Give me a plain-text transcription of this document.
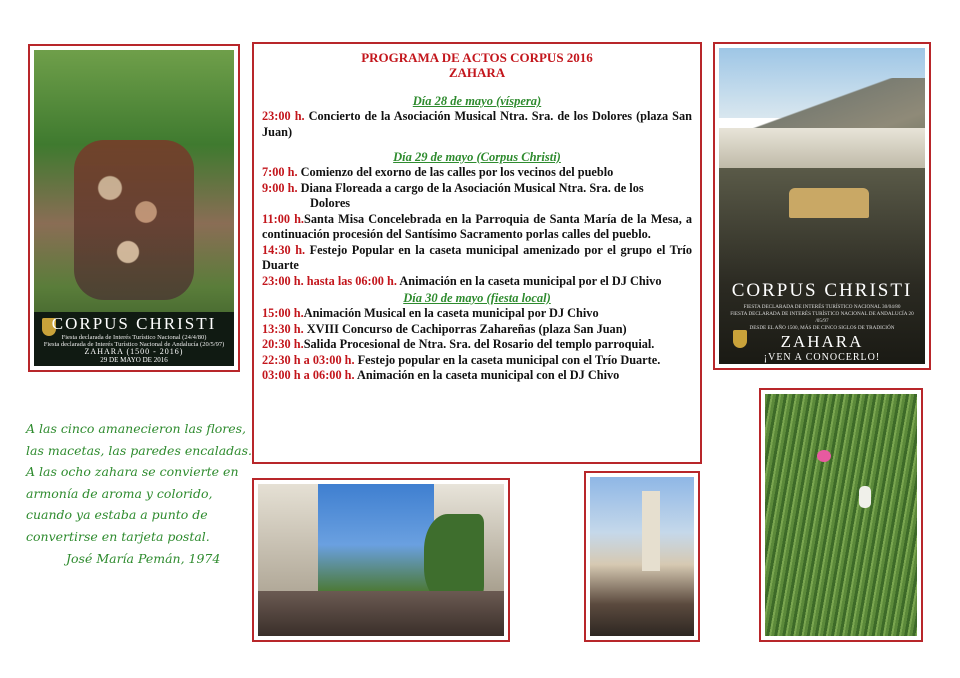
CORPUS CHRISTI
Fiesta declarada de Interés Turístico Nacional (24/4/80)
Fiesta declarada de Interés Turístico Nacional de Andalucía (20/5/97)
ZAHARA (1500 - 2016)
29 DE MAYO DE 2016
PROGRAMA DE ACTOS CORPUS 2016
ZAHARA
Día 28 de mayo (víspera)
23:00 h. Concierto de la Asociación Musical Ntra. Sra. de los Dolores (plaza San Juan)
Día 29 de mayo (Corpus Christi)
7:00 h. Comienzo del exorno de las calles por los vecinos del pueblo
9:00 h. Diana Floreada a cargo de la Asociación Musical Ntra. Sra. de los
Dolores
11:00 h.Santa Misa Concelebrada en la Parroquia de Santa María de la Mesa, a continuación procesión del Santísimo Sacramento porlas calles del pueblo.
14:30 h. Festejo Popular en la caseta municipal amenizado por el grupo el Trío Duarte
23:00 h. hasta las 06:00 h. Animación en la caseta municipal por el DJ Chivo
Día 30 de mayo (fiesta local)
15:00 h.Animación Musical en la caseta municipal por DJ Chivo
13:30 h. XVIII Concurso de Cachiporras Zahareñas (plaza San Juan)
20:30 h.Salida Procesional de Ntra. Sra. del Rosario del templo parroquial.
22:30 h a 03:00 h. Festejo popular en la caseta municipal con el Trío Duarte.
03:00 h a 06:00 h. Animación en la caseta municipal con el DJ Chivo
CORPUS CHRISTI
FIESTA DECLARADA DE INTERÉS TURÍSTICO NACIONAL 30/04/80
FIESTA DECLARADA DE INTERÉS TURÍSTICO NACIONAL DE ANDALUCÍA 20 /05/97
DESDE EL AÑO 1500, MÁS DE CINCO SIGLOS DE TRADICIÓN
ZAHARA
¡VEN A CONOCERLO!
A las cinco amanecieron las flores,
las macetas, las paredes encaladas.
A las ocho zahara se convierte en
armonía de aroma y colorido,
cuando ya estaba a punto de
convertirse en tarjeta postal.
José María Pemán, 1974
